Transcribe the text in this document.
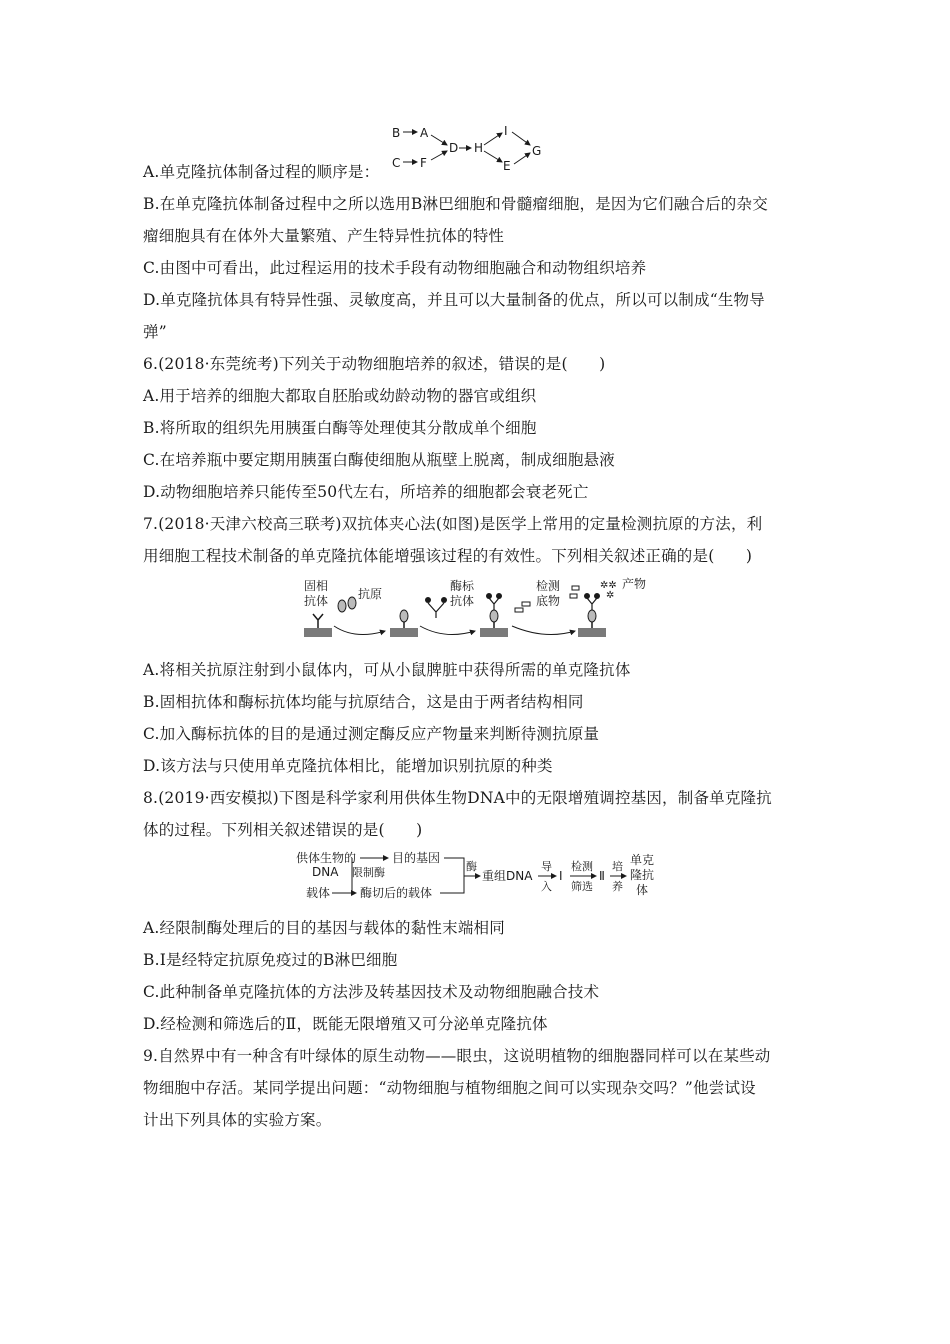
B A
C F
D H
I
E
G
A.单克隆抗体制备过程的顺序是：
B.在单克隆抗体制备过程中之所以选用B淋巴细胞和骨髓瘤细胞，是因为它们融合后的杂交
瘤细胞具有在体外大量繁殖、产生特异性抗体的特性
C.由图中可看出，此过程运用的技术手段有动物细胞融合和动物组织培养
D.单克隆抗体具有特异性强、灵敏度高，并且可以大量制备的优点，所以可以制成“生物导
弹”
6.(2018·东莞统考)下列关于动物细胞培养的叙述，错误的是(　　)
A.用于培养的细胞大都取自胚胎或幼龄动物的器官或组织
B.将所取的组织先用胰蛋白酶等处理使其分散成单个细胞
C.在培养瓶中要定期用胰蛋白酶使细胞从瓶壁上脱离，制成细胞悬液
D.动物细胞培养只能传至50代左右，所培养的细胞都会衰老死亡
7.(2018·天津六校高三联考)双抗体夹心法(如图)是医学上常用的定量检测抗原的方法，利
用细胞工程技术制备的单克隆抗体能增强该过程的有效性。下列相关叙述正确的是(　　)
固相
抗体 抗原
酶标
抗体
检测
底物
✲✲
✲
产物
A.将相关抗原注射到小鼠体内，可从小鼠脾脏中获得所需的单克隆抗体
B.固相抗体和酶标抗体均能与抗原结合，这是由于两者结构相同
C.加入酶标抗体的目的是通过测定酶反应产物量来判断待测抗原量
D.该方法与只使用单克隆抗体相比，能增加识别抗原的种类
8.(2019·西安模拟)下图是科学家利用供体生物DNA中的无限增殖调控基因，制备单克隆抗
体的过程。下列相关叙述错误的是(　　)
供体生物的
DNA
目的基因
限制酶
载体 酶切后的载体
酶
重组DNA
导
入
Ⅰ
检测
筛选
Ⅱ
培
养
单克
隆抗
体
A.经限制酶处理后的目的基因与载体的黏性末端相同
B.Ⅰ是经特定抗原免疫过的B淋巴细胞
C.此种制备单克隆抗体的方法涉及转基因技术及动物细胞融合技术
D.经检测和筛选后的Ⅱ，既能无限增殖又可分泌单克隆抗体
9.自然界中有一种含有叶绿体的原生动物——眼虫，这说明植物的细胞器同样可以在某些动
物细胞中存活。某同学提出问题：“动物细胞与植物细胞之间可以实现杂交吗？”他尝试设
计出下列具体的实验方案。
